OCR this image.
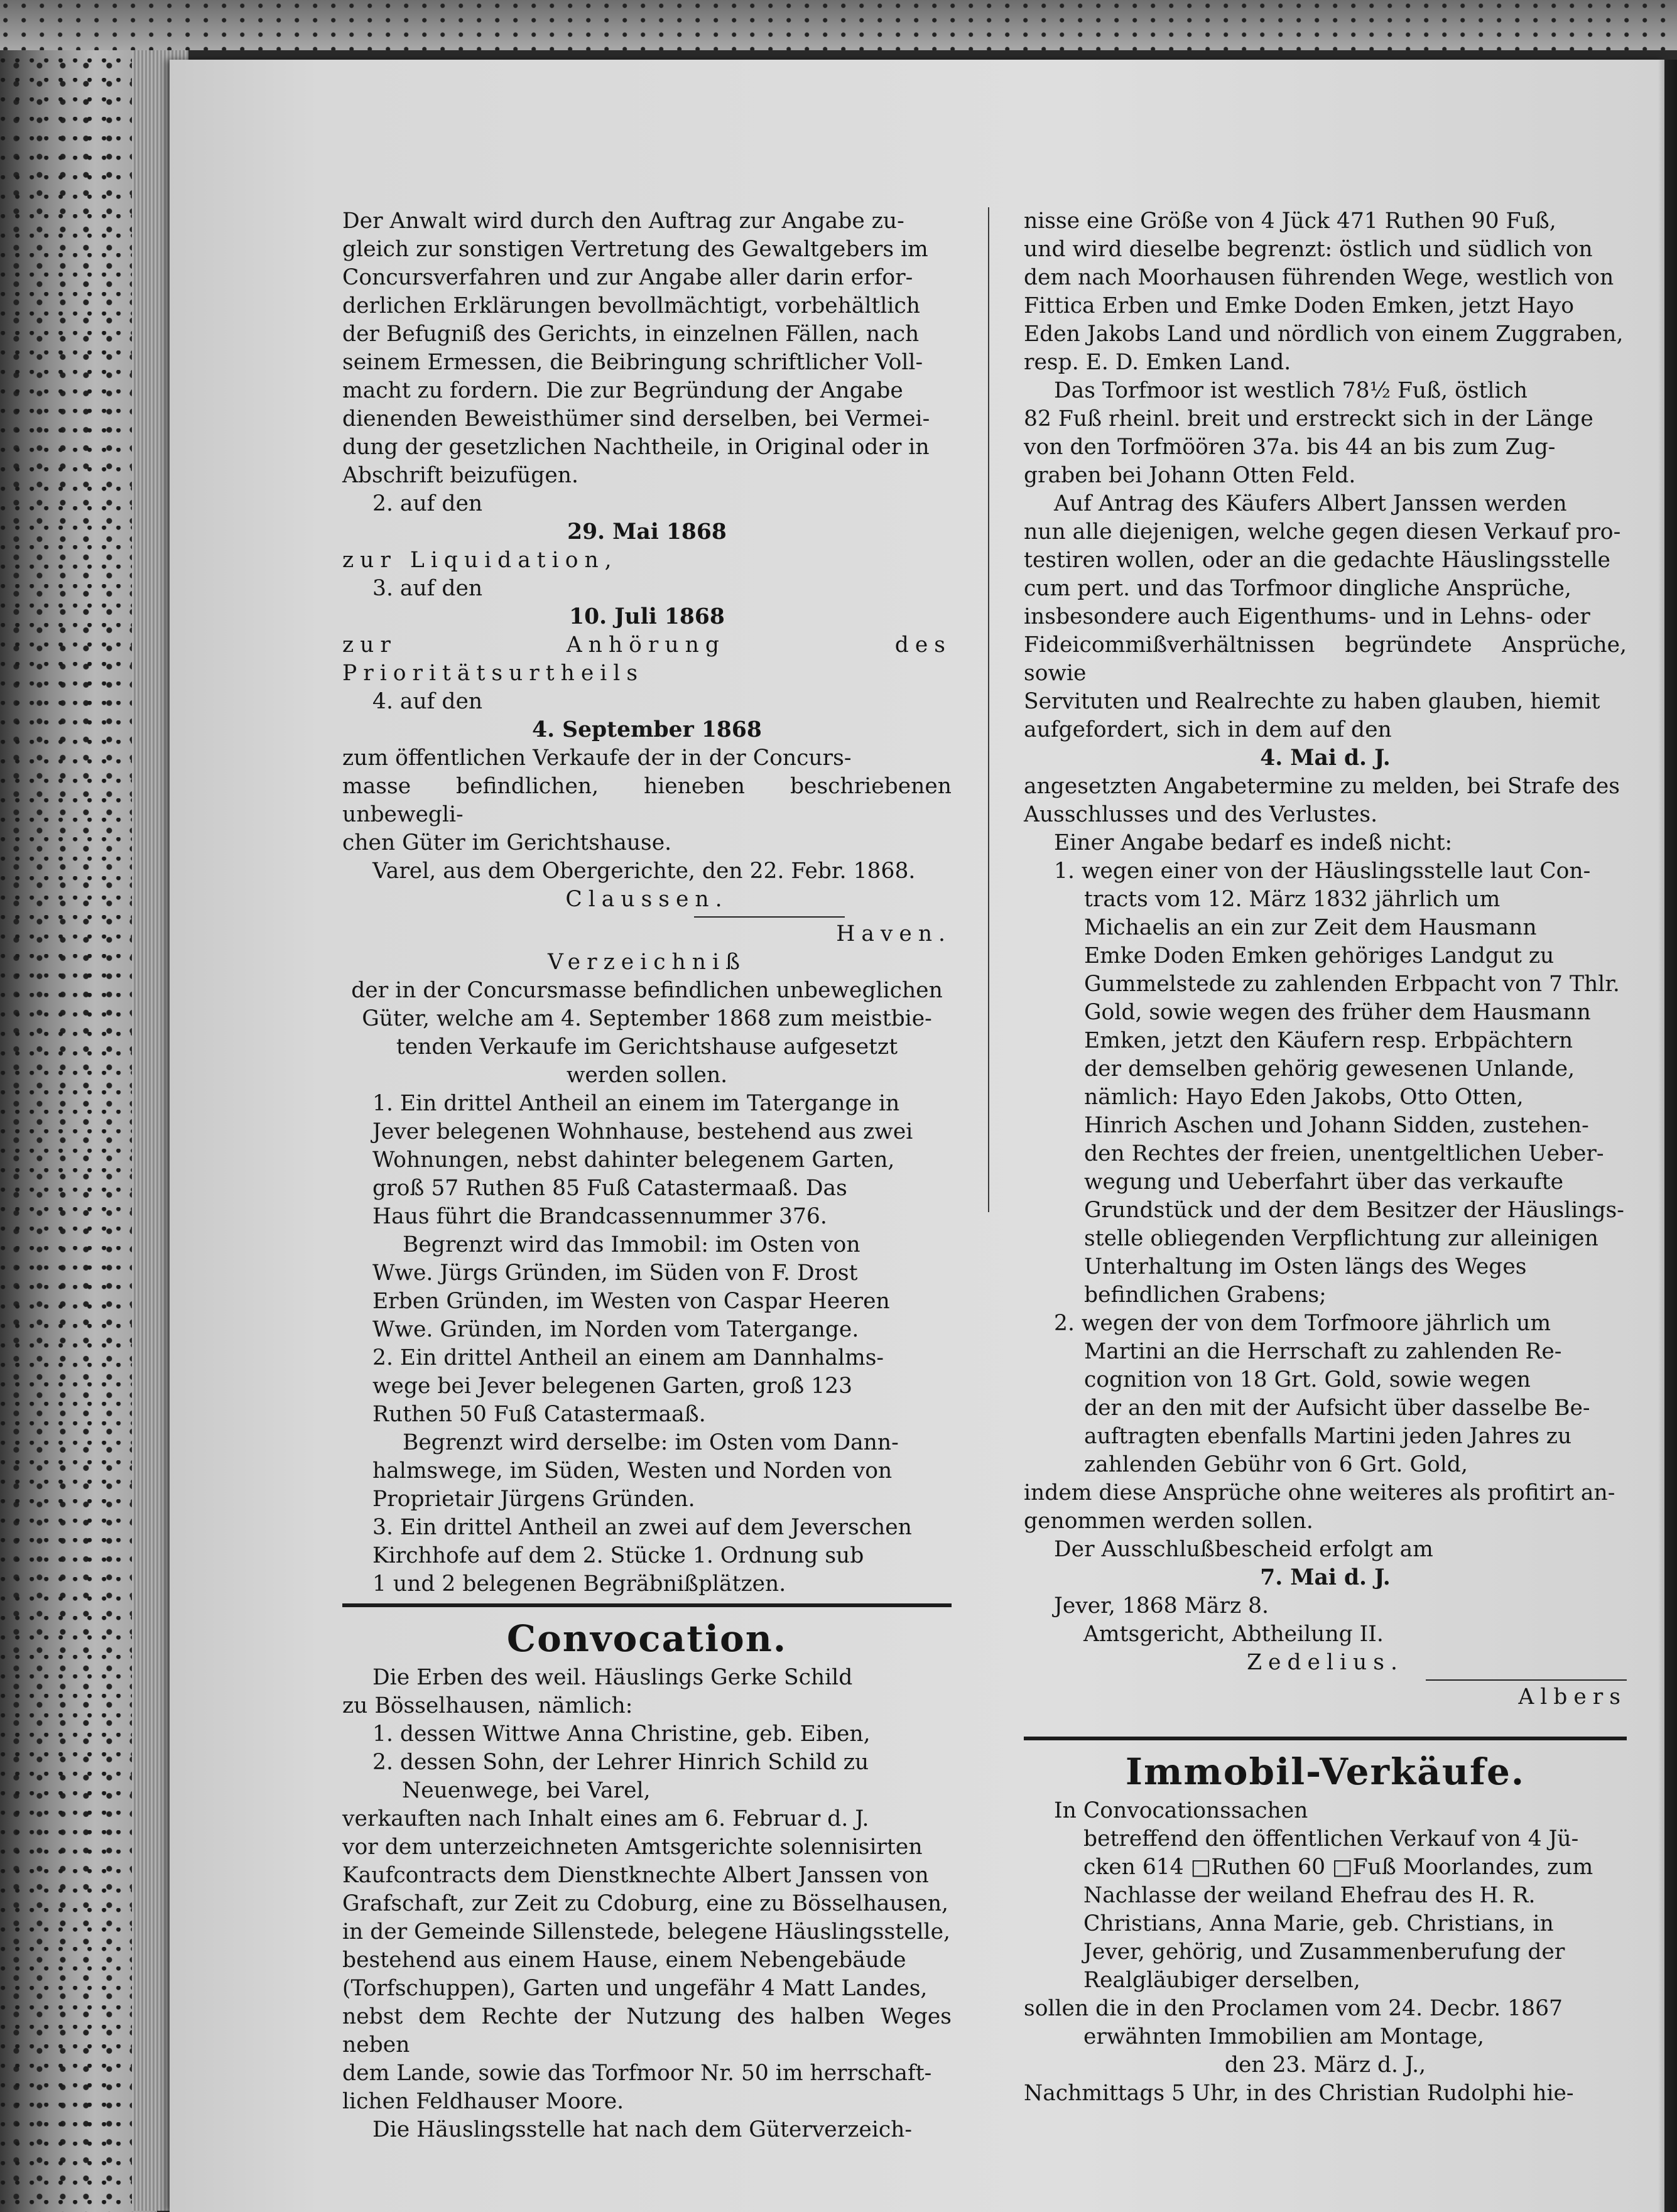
Der Anwalt wird durch den Auftrag zur Angabe zu-

gleich zur sonstigen Vertretung des Gewaltgebers im

Concursverfahren und zur Angabe aller darin erfor-

derlichen Erklärungen bevollmächtigt, vorbehältlich

der Befugniß des Gerichts, in einzelnen Fällen, nach

seinem Ermessen, die Beibringung schriftlicher Voll-

macht zu fordern. Die zur Begründung der Angabe

dienenden Beweisthümer sind derselben, bei Vermei-

dung der gesetzlichen Nachtheile, in Original oder in

Abschrift beizufügen.

2. auf den

29. Mai 1868

zur Liquidation,

3. auf den

10. Juli 1868

zur Anhörung des Prioritätsurtheils

4. auf den

4. September 1868

zum öffentlichen Verkaufe der in der Concurs-

masse befindlichen, hieneben beschriebenen unbewegli-

chen Güter im Gerichtshause.

Varel, aus dem Obergerichte, den 22. Febr. 1868.

Claussen.

Haven.

Verzeichniß

der in der Concursmasse befindlichen unbeweglichen

Güter, welche am 4. September 1868 zum meistbie-

tenden Verkaufe im Gerichtshause aufgesetzt

werden sollen.

1. Ein drittel Antheil an einem im Tatergange in

Jever belegenen Wohnhause, bestehend aus zwei

Wohnungen, nebst dahinter belegenem Garten,

groß 57 Ruthen 85 Fuß Catastermaaß. Das

Haus führt die Brandcassennummer 376.

Begrenzt wird das Immobil: im Osten von

Wwe. Jürgs Gründen, im Süden von F. Drost

Erben Gründen, im Westen von Caspar Heeren

Wwe. Gründen, im Norden vom Tatergange.

2. Ein drittel Antheil an einem am Dannhalms-

wege bei Jever belegenen Garten, groß 123

Ruthen 50 Fuß Catastermaaß.

Begrenzt wird derselbe: im Osten vom Dann-

halmswege, im Süden, Westen und Norden von

Proprietair Jürgens Gründen.

3. Ein drittel Antheil an zwei auf dem Jeverschen

Kirchhofe auf dem 2. Stücke 1. Ordnung sub

1 und 2 belegenen Begräbnißplätzen.

Convocation.

Die Erben des weil. Häuslings Gerke Schild

zu Bösselhausen, nämlich:

1. dessen Wittwe Anna Christine, geb. Eiben,

2. dessen Sohn, der Lehrer Hinrich Schild zu

Neuenwege, bei Varel,

verkauften nach Inhalt eines am 6. Februar d. J.

vor dem unterzeichneten Amtsgerichte solennisirten

Kaufcontracts dem Dienstknechte Albert Janssen von

Grafschaft, zur Zeit zu Cdoburg, eine zu Bösselhausen,

in der Gemeinde Sillenstede, belegene Häuslingsstelle,

bestehend aus einem Hause, einem Nebengebäude

(Torfschuppen), Garten und ungefähr 4 Matt Landes,

nebst dem Rechte der Nutzung des halben Weges neben

dem Lande, sowie das Torfmoor Nr. 50 im herrschaft-

lichen Feldhauser Moore.

Die Häuslingsstelle hat nach dem Güterverzeich-

nisse eine Größe von 4 Jück 471 Ruthen 90 Fuß,

und wird dieselbe begrenzt: östlich und südlich von

dem nach Moorhausen führenden Wege, westlich von

Fittica Erben und Emke Doden Emken, jetzt Hayo

Eden Jakobs Land und nördlich von einem Zuggraben,

resp. E. D. Emken Land.

Das Torfmoor ist westlich 78½ Fuß, östlich

82 Fuß rheinl. breit und erstreckt sich in der Länge

von den Torfmöören 37a. bis 44 an bis zum Zug-

graben bei Johann Otten Feld.

Auf Antrag des Käufers Albert Janssen werden

nun alle diejenigen, welche gegen diesen Verkauf pro-

testiren wollen, oder an die gedachte Häuslingsstelle

cum pert. und das Torfmoor dingliche Ansprüche,

insbesondere auch Eigenthums- und in Lehns- oder

Fideicommißverhältnissen begründete Ansprüche, sowie

Servituten und Realrechte zu haben glauben, hiemit

aufgefordert, sich in dem auf den

4. Mai d. J.

angesetzten Angabetermine zu melden, bei Strafe des

Ausschlusses und des Verlustes.

Einer Angabe bedarf es indeß nicht:

1. wegen einer von der Häuslingsstelle laut Con-

tracts vom 12. März 1832 jährlich um

Michaelis an ein zur Zeit dem Hausmann

Emke Doden Emken gehöriges Landgut zu

Gummelstede zu zahlenden Erbpacht von 7 Thlr.

Gold, sowie wegen des früher dem Hausmann

Emken, jetzt den Käufern resp. Erbpächtern

der demselben gehörig gewesenen Unlande,

nämlich: Hayo Eden Jakobs, Otto Otten,

Hinrich Aschen und Johann Sidden, zustehen-

den Rechtes der freien, unentgeltlichen Ueber-

wegung und Ueberfahrt über das verkaufte

Grundstück und der dem Besitzer der Häuslings-

stelle obliegenden Verpflichtung zur alleinigen

Unterhaltung im Osten längs des Weges

befindlichen Grabens;

2. wegen der von dem Torfmoore jährlich um

Martini an die Herrschaft zu zahlenden Re-

cognition von 18 Grt. Gold, sowie wegen

der an den mit der Aufsicht über dasselbe Be-

auftragten ebenfalls Martini jeden Jahres zu

zahlenden Gebühr von 6 Grt. Gold,

indem diese Ansprüche ohne weiteres als profitirt an-

genommen werden sollen.

Der Ausschlußbescheid erfolgt am

7. Mai d. J.

Jever, 1868 März 8.

Amtsgericht, Abtheilung II.

Zedelius.

Albers

Immobil-Verkäufe.

In Convocationssachen

betreffend den öffentlichen Verkauf von 4 Jü-

cken 614 □Ruthen 60 □Fuß Moorlandes, zum

Nachlasse der weiland Ehefrau des H. R.

Christians, Anna Marie, geb. Christians, in

Jever, gehörig, und Zusammenberufung der

Realgläubiger derselben,

sollen die in den Proclamen vom 24. Decbr. 1867

erwähnten Immobilien am Montage,

den 23. März d. J.,

Nachmittags 5 Uhr, in des Christian Rudolphi hie-
